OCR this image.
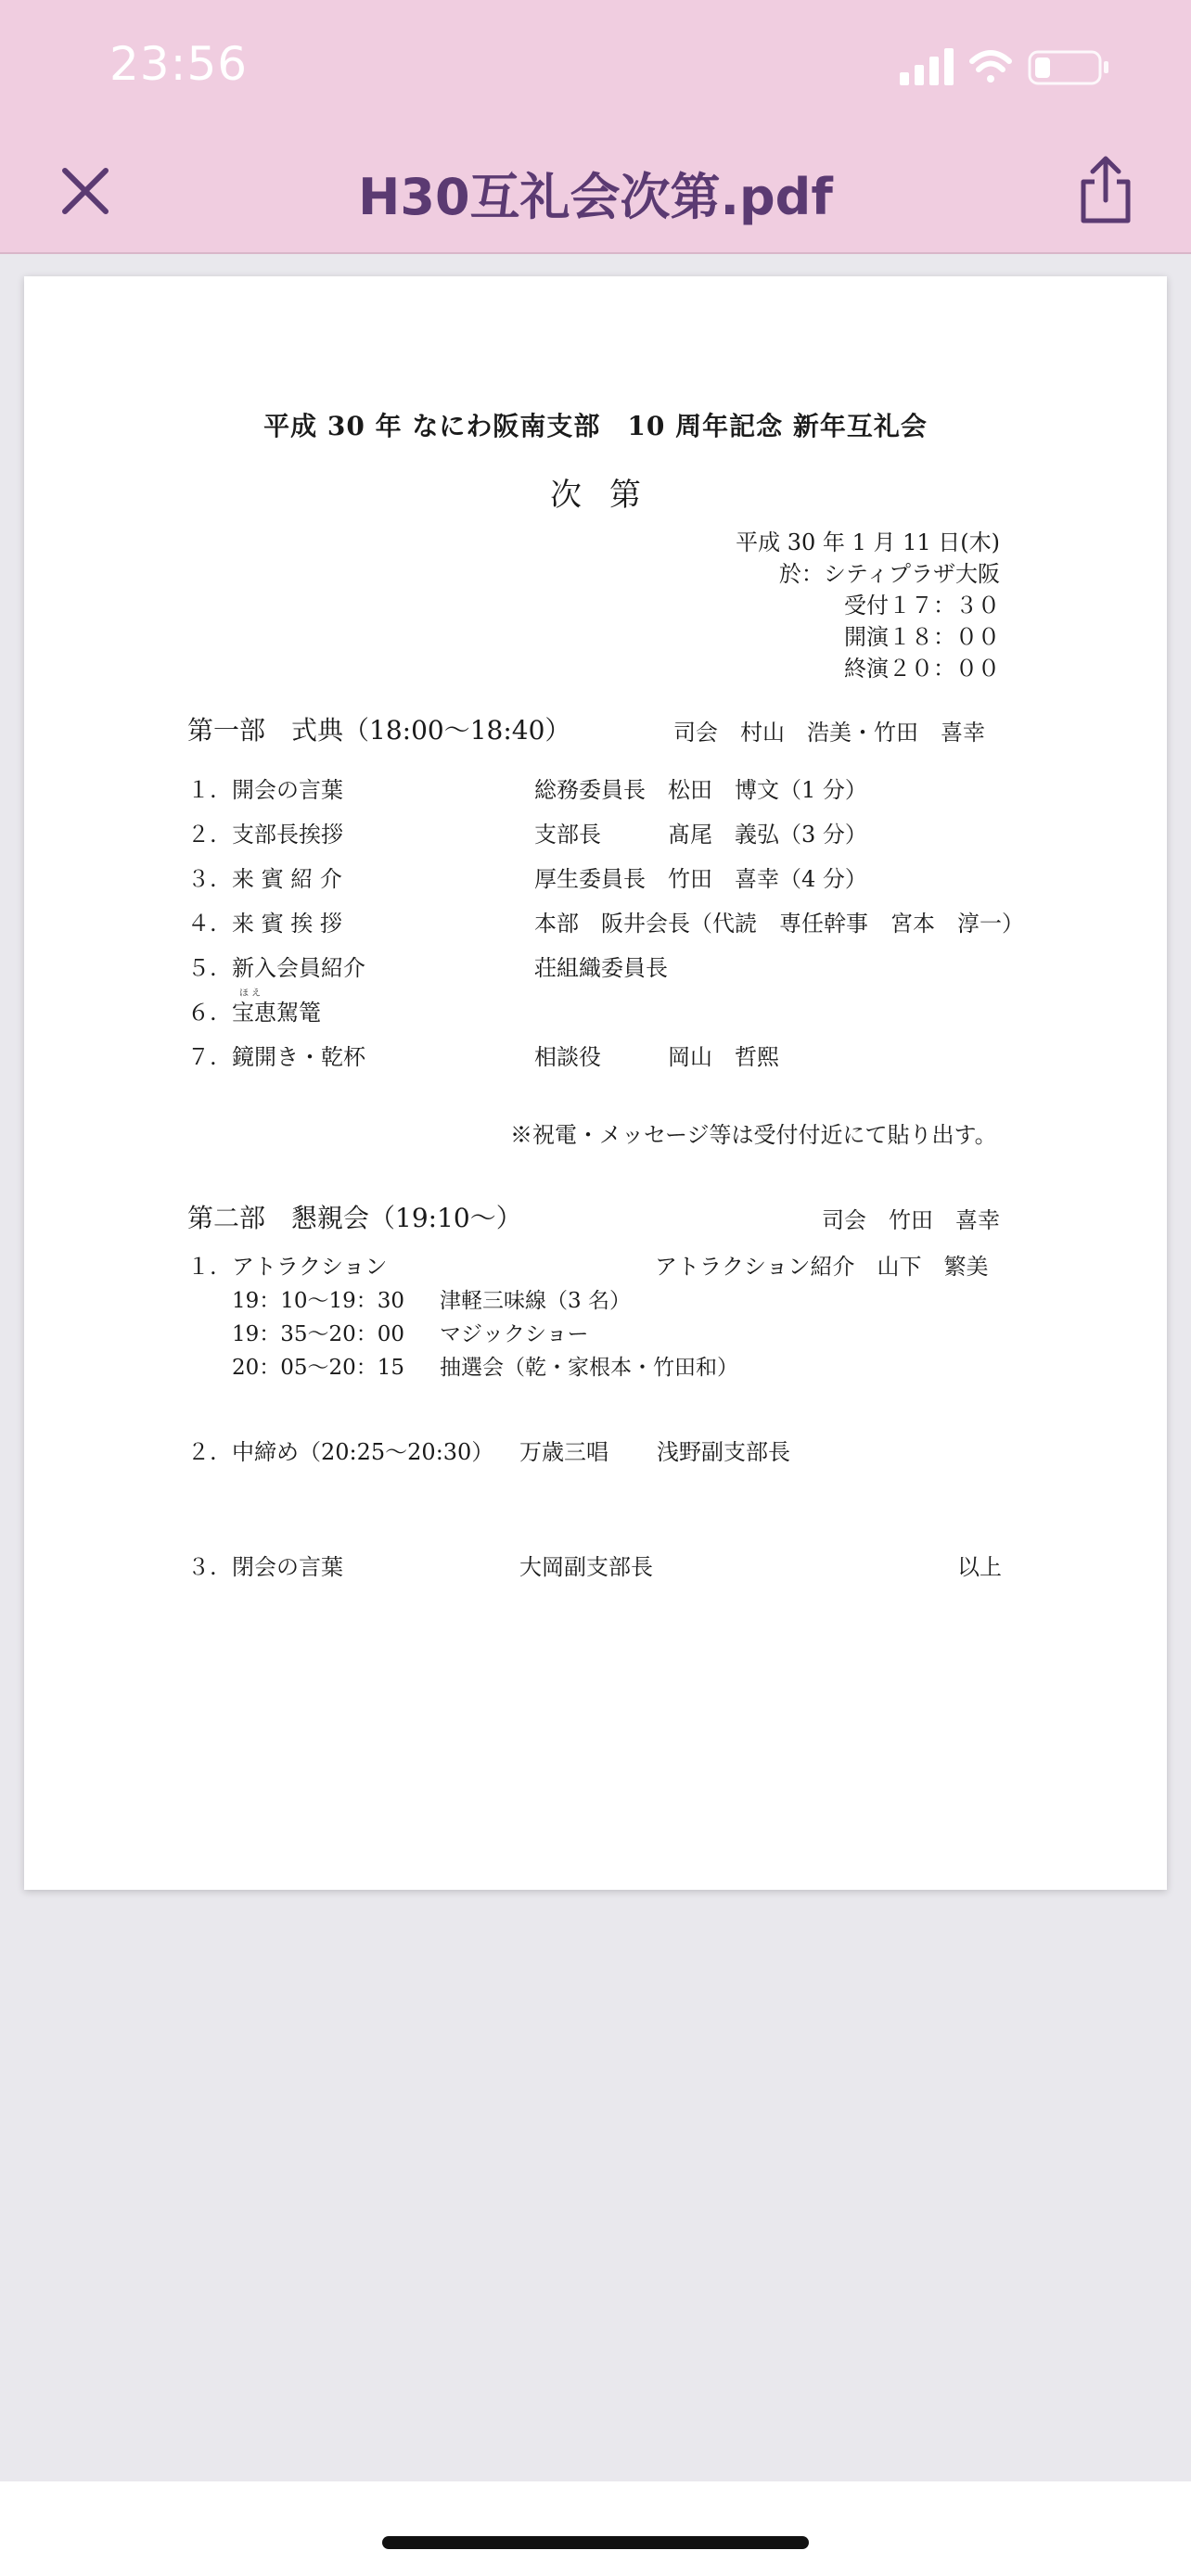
23:56
H30互礼会次第.pdf
平成 30 年 なにわ阪南支部　10 周年記念 新年互礼会
次第
平成 30 年 1 月 11 日(木)
於：シティプラザ大阪
受付１７：３０
開演１８：００
終演２０：００
第一部　式典（18:00〜18:40）	司会　村山　浩美・竹田　喜幸
１. 開会の言葉	総務委員長　松田　博文（1 分）
２. 支部長挨拶	支部長　　　髙尾　義弘（3 分）
３. 来 賓 紹 介	厚生委員長　竹田　喜幸（4 分）
４. 来 賓 挨 拶	本部　阪井会長（代読　専任幹事　宮本　淳一）
５. 新入会員紹介	荘組織委員長
ほ え
６. 宝恵駕篭
７. 鏡開き・乾杯	相談役　　　岡山　哲熙
※祝電・メッセージ等は受付付近にて貼り出す。
第二部　懇親会（19:10〜）	司会　竹田　喜幸
１. アトラクション	アトラクション紹介　山下　繁美
19：10〜19：30 津軽三味線（3 名）
19：35〜20：00 マジックショー
20：05〜20：15 抽選会（乾・家根本・竹田和）
２. 中締め（20:25〜20:30） 万歳三唱 浅野副支部長
３. 閉会の言葉	大岡副支部長	以上
